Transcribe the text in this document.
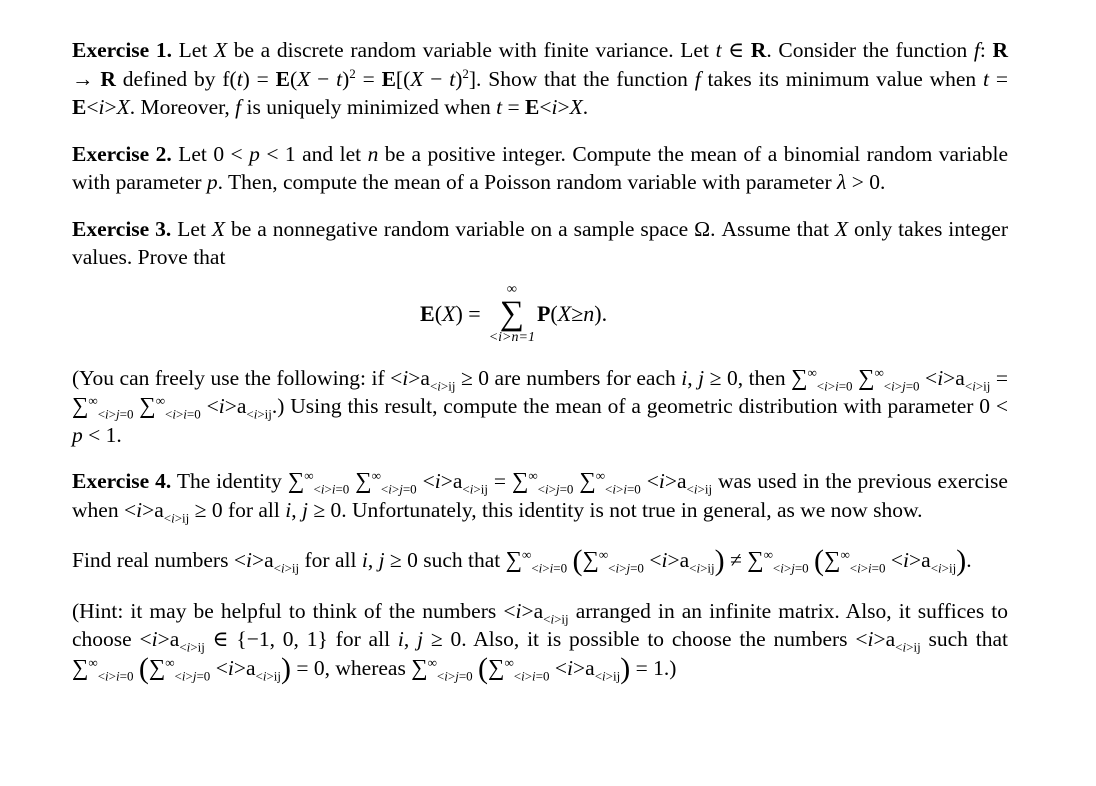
Exercise 1. Let X be a discrete random variable with finite variance. Let t ∈ R. Consider the function f: R → R defined by $f(t) = E(X - t)^2 = E[(X - t)^2]$. Show that the function f takes its minimum value when t = E<i>X. Moreover, f is uniquely minimized when t = E<i>X.

Exercise 2. Let 0 < p < 1 and let n be a positive integer. Compute the mean of a binomial random variable with parameter p. Then, compute the mean of a Poisson random variable with parameter λ > 0.

Exercise 3. Let X be a nonnegative random variable on a sample space Ω. Assume that X only takes integer values. Prove that

E ( X ) =
∞
∑
<i>n=1
P ( X ≥ n ).

(You can freely use the following: if $<i>a_{<i>ij} \ge 0$ are numbers for each i, j ≥ 0, then $\sum^\infty_{<i>i=0}$ $\sum^\infty_{<i>j=0} <i>a_{<i>ij} = \sum^\infty_{<i>j=0}$ $\sum^\infty_{<i>i=0} <i>a_{<i>ij}$.) Using this result, compute the mean of a geometric distribution with parameter 0 < p < 1.

Exercise 4. The identity $\sum^\infty_{<i>i=0}$ $\sum^\infty_{<i>j=0} <i>a_{<i>ij} = \sum^\infty_{<i>j=0}$ $\sum^\infty_{<i>i=0} <i>a_{<i>ij}$ was used in the previous exercise when $<i>a_{<i>ij} \ge 0$ for all i, j ≥ 0. Unfortunately, this identity is not true in general, as we now show.

Find real numbers $<i>a_{<i>ij}$ for all i, j ≥ 0 such that $\sum^\infty_{<i>i=0}$ $(\sum^\infty_{<i>j=0} <i>a_{<i>ij}) \ne \sum^\infty_{<i>j=0}$ $(\sum^\infty_{<i>i=0} <i>a_{<i>ij})$.

(Hint: it may be helpful to think of the numbers $<i>a_{<i>ij}$ arranged in an infinite matrix. Also, it suffices to choose $<i>a_{<i>ij}$ ∈ {−1, 0, 1} for all i, j ≥ 0. Also, it is possible to choose the numbers $<i>a_{<i>ij}$ such that $\sum^\infty_{<i>i=0}$ $(\sum^\infty_{<i>j=0} <i>a_{<i>ij}) = 0$, whereas $\sum^\infty_{<i>j=0}$ $(\sum^\infty_{<i>i=0} <i>a_{<i>ij}) = 1$.)
